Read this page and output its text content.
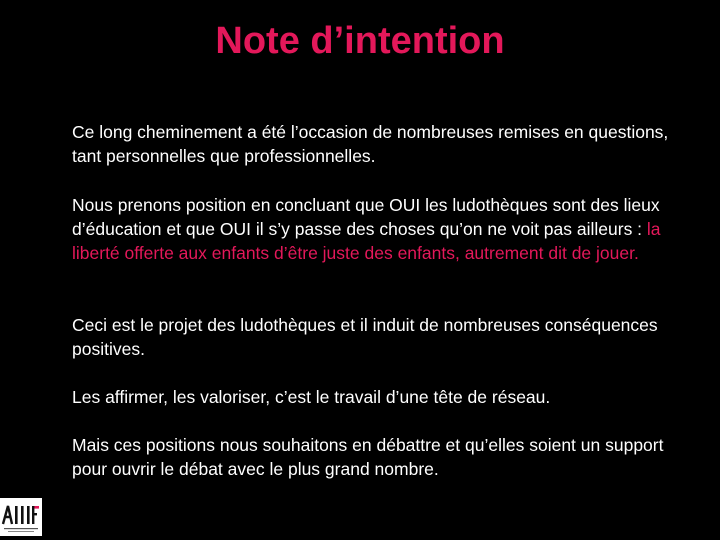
Note d’intention

Ce long cheminement a été l’occasion de nombreuses remises en questions, tant personnelles que professionnelles.

Nous prenons position en concluant que OUI les ludothèques sont des lieux d’éducation et que OUI il s’y passe des choses qu’on ne voit pas ailleurs : la liberté offerte aux enfants d’être juste des enfants, autrement dit de jouer.

Ceci est le projet des ludothèques et il induit de nombreuses conséquences positives.

Les affirmer, les valoriser, c’est le travail d’une tête de réseau.

Mais ces positions nous souhaitons en débattre et qu’elles soient un support pour ouvrir le débat avec le plus grand nombre.
